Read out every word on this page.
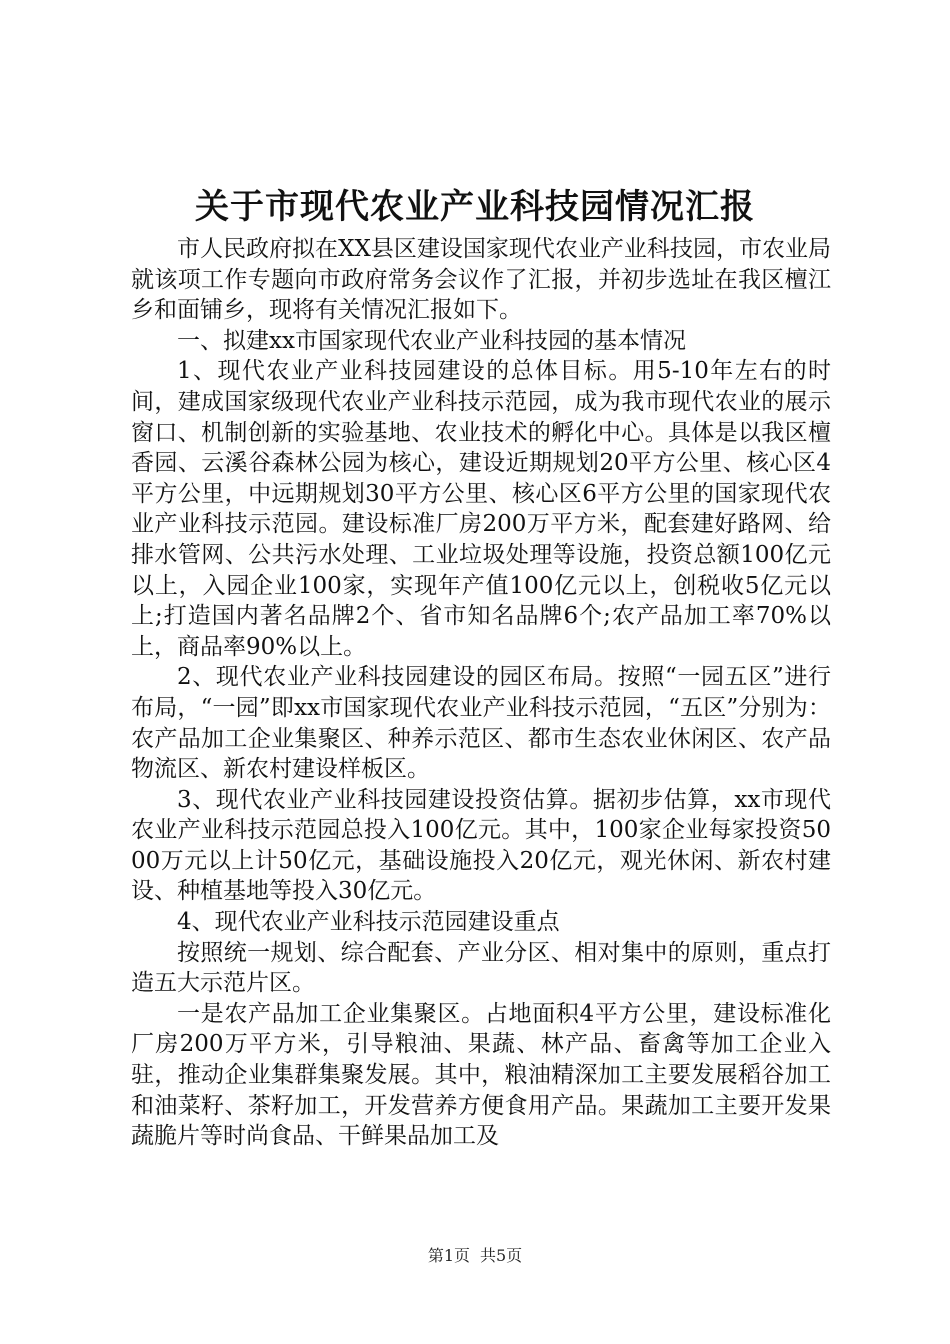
关于市现代农业产业科技园情况汇报

市人民政府拟在XX县区建设国家现代农业产业科技园，市农业局就该项工作专题向市政府常务会议作了汇报，并初步选址在我区檀江乡和面铺乡，现将有关情况汇报如下。

一、拟建xx市国家现代农业产业科技园的基本情况

1、现代农业产业科技园建设的总体目标。用5-10年左右的时间，建成国家级现代农业产业科技示范园，成为我市现代农业的展示窗口、机制创新的实验基地、农业技术的孵化中心。具体是以我区檀香园、云溪谷森林公园为核心，建设近期规划20平方公里、核心区4平方公里，中远期规划30平方公里、核心区6平方公里的国家现代农业产业科技示范园。建设标准厂房200万平方米，配套建好路网、给排水管网、公共污水处理、工业垃圾处理等设施，投资总额100亿元以上，入园企业100家，实现年产值100亿元以上，创税收5亿元以上;打造国内著名品牌2个、省市知名品牌6个;农产品加工率70%以上，商品率90%以上。

2、现代农业产业科技园建设的园区布局。按照“一园五区”进行布局，“一园”即xx市国家现代农业产业科技示范园，“五区”分别为：农产品加工企业集聚区、种养示范区、都市生态农业休闲区、农产品物流区、新农村建设样板区。

3、现代农业产业科技园建设投资估算。据初步估算，xx市现代农业产业科技示范园总投入100亿元。其中，100家企业每家投资5000万元以上计50亿元，基础设施投入20亿元，观光休闲、新农村建设、种植基地等投入30亿元。

4、现代农业产业科技示范园建设重点

按照统一规划、综合配套、产业分区、相对集中的原则，重点打造五大示范片区。

一是农产品加工企业集聚区。占地面积4平方公里，建设标准化厂房200万平方米，引导粮油、果蔬、林产品、畜禽等加工企业入驻，推动企业集群集聚发展。其中，粮油精深加工主要发展稻谷加工和油菜籽、茶籽加工，开发营养方便食用产品。果蔬加工主要开发果蔬脆片等时尚食品、干鲜果品加工及

第1页 共5页
